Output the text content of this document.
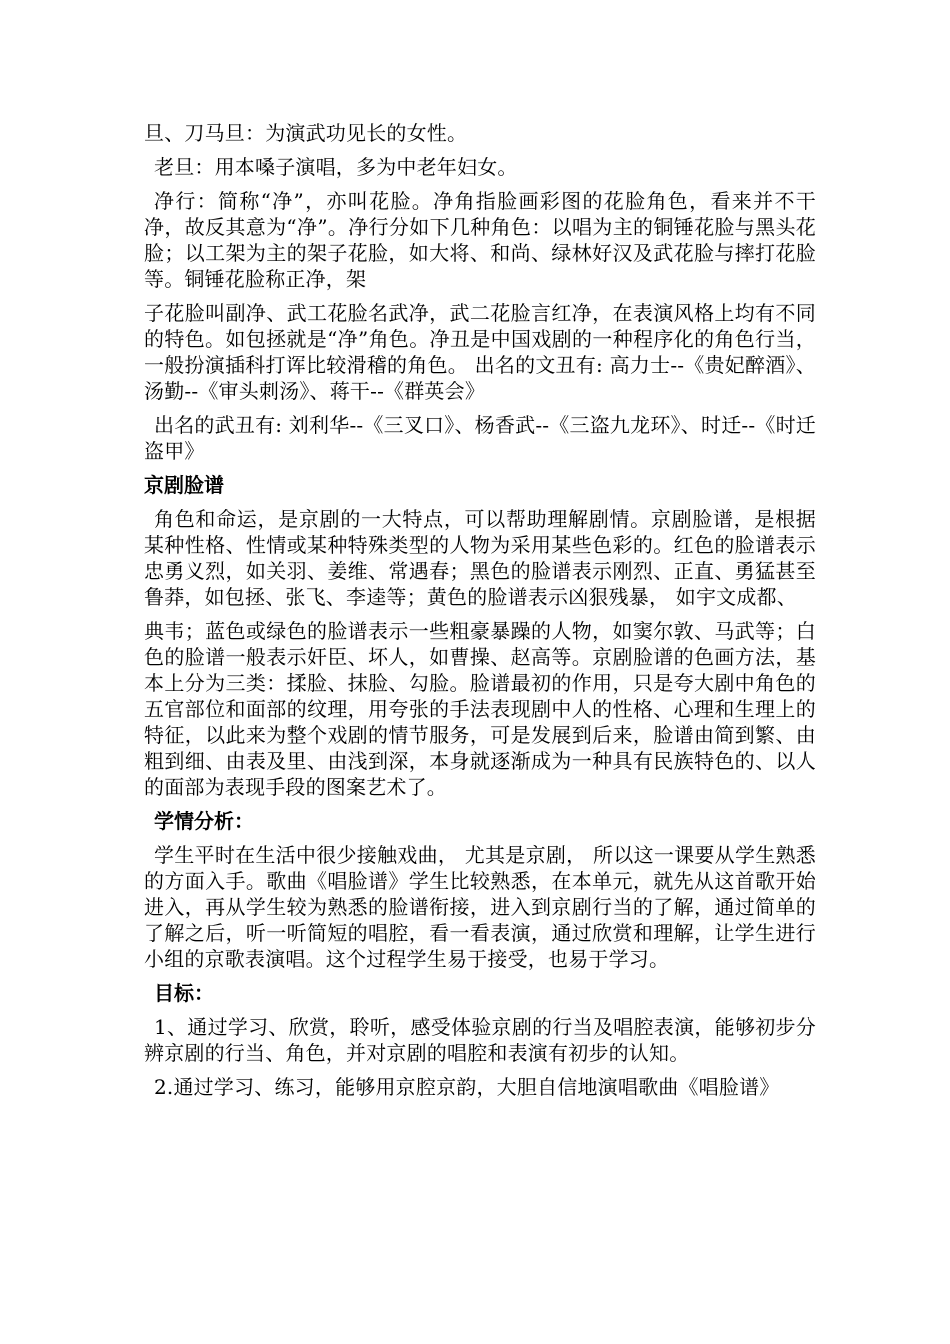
旦、刀马旦：为演武功见长的女性。

老旦：用本嗓子演唱，多为中老年妇女。

净行：简称“净”，亦叫花脸。净角指脸画彩图的花脸角色，看来并不干净，故反其意为“净”。净行分如下几种角色：以唱为主的铜锤花脸与黑头花脸；以工架为主的架子花脸，如大将、和尚、绿林好汉及武花脸与摔打花脸等。铜锤花脸称正净，架

子花脸叫副净、武工花脸名武净，武二花脸言红净，在表演风格上均有不同的特色。如包拯就是“净”角色。净丑是中国戏剧的一种程序化的角色行当，一般扮演插科打诨比较滑稽的角色。 出名的文丑有: 高力士--《贵妃醉酒》、汤勤--《审头刺汤》、蒋干--《群英会》

出名的武丑有: 刘利华--《三叉口》、杨香武--《三盗九龙环》、时迁--《时迁盗甲》

京剧脸谱

角色和命运，是京剧的一大特点，可以帮助理解剧情。京剧脸谱，是根据某种性格、性情或某种特殊类型的人物为采用某些色彩的。红色的脸谱表示忠勇义烈，如关羽、姜维、常遇春；黑色的脸谱表示刚烈、正直、勇猛甚至鲁莽，如包拯、张飞、李逵等；黄色的脸谱表示凶狠残暴， 如宇文成都、

典韦；蓝色或绿色的脸谱表示一些粗豪暴躁的人物，如窦尔敦、马武等；白色的脸谱一般表示奸臣、坏人，如曹操、赵高等。京剧脸谱的色画方法，基本上分为三类：揉脸、抹脸、勾脸。脸谱最初的作用，只是夸大剧中角色的五官部位和面部的纹理，用夸张的手法表现剧中人的性格、心理和生理上的特征，以此来为整个戏剧的情节服务，可是发展到后来，脸谱由简到繁、由粗到细、由表及里、由浅到深，本身就逐渐成为一种具有民族特色的、以人的面部为表现手段的图案艺术了。

学情分析：

学生平时在生活中很少接触戏曲， 尤其是京剧， 所以这一课要从学生熟悉的方面入手。歌曲《唱脸谱》学生比较熟悉，在本单元，就先从这首歌开始进入，再从学生较为熟悉的脸谱衔接，进入到京剧行当的了解，通过简单的了解之后，听一听简短的唱腔，看一看表演，通过欣赏和理解，让学生进行小组的京歌表演唱。这个过程学生易于接受，也易于学习。

目标：

1、通过学习、欣赏，聆听，感受体验京剧的行当及唱腔表演，能够初步分辨京剧的行当、角色，并对京剧的唱腔和表演有初步的认知。

2.通过学习、练习，能够用京腔京韵，大胆自信地演唱歌曲《唱脸谱》
